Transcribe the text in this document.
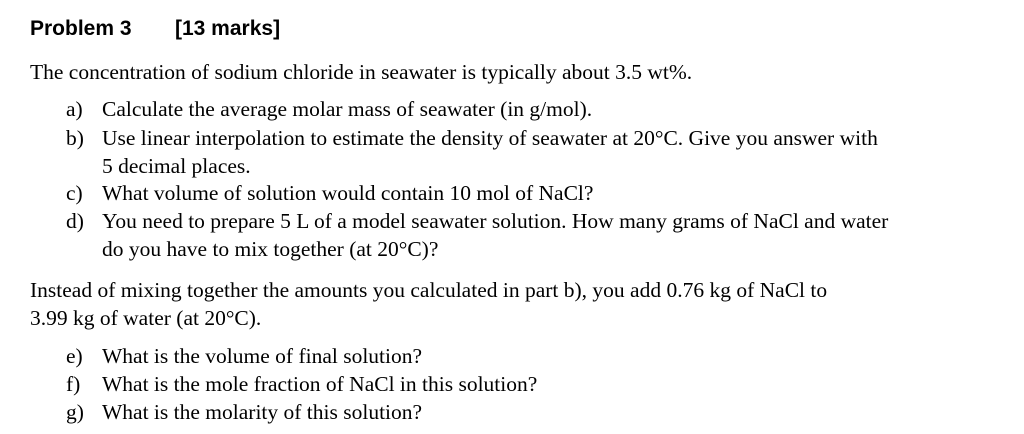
Problem 3 [13 marks]
The concentration of sodium chloride in seawater is typically about 3.5 wt%.
a) Calculate the average molar mass of seawater (in g/mol).
b) Use linear interpolation to estimate the density of seawater at 20°C. Give you answer with
5 decimal places.
c) What volume of solution would contain 10 mol of NaCl?
d) You need to prepare 5 L of a model seawater solution. How many grams of NaCl and water
do you have to mix together (at 20°C)?
Instead of mixing together the amounts you calculated in part b), you add 0.76 kg of NaCl to
3.99 kg of water (at 20°C).
e) What is the volume of final solution?
f) What is the mole fraction of NaCl in this solution?
g) What is the molarity of this solution?
